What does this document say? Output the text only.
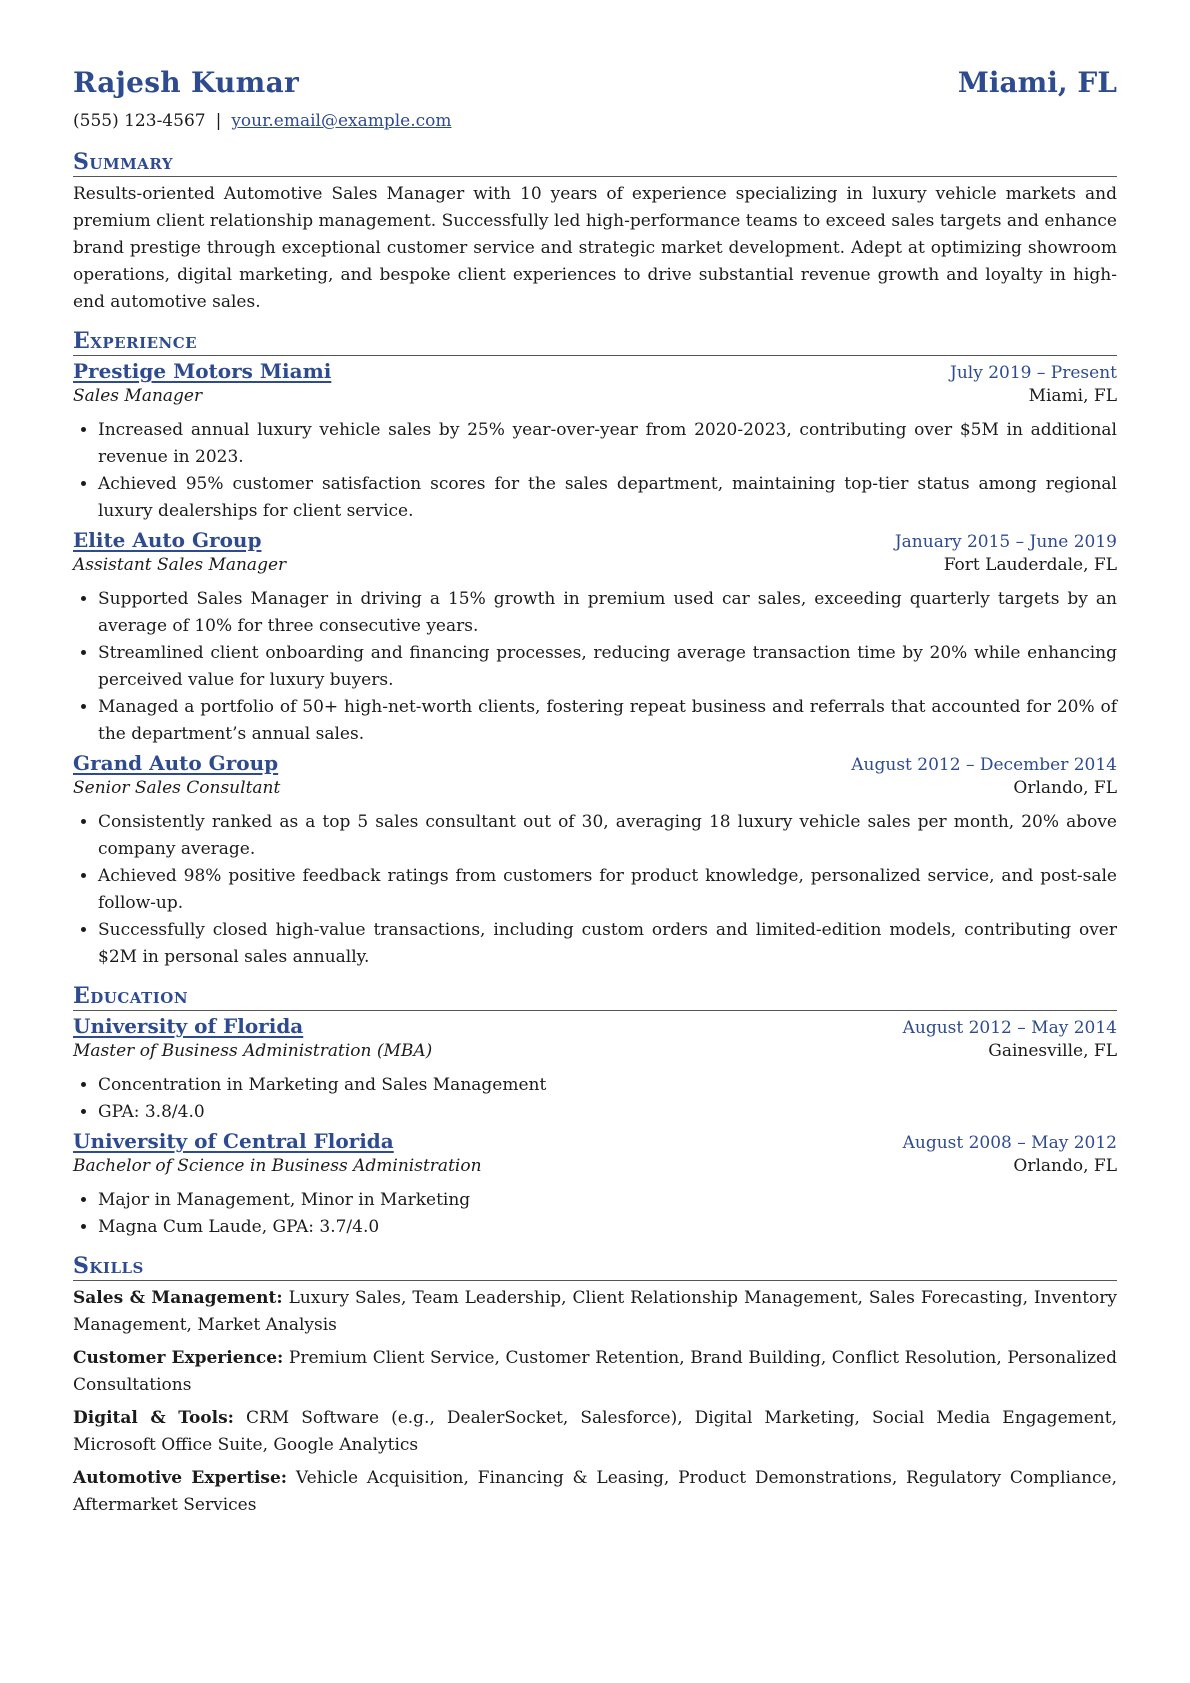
Rajesh Kumar	Miami, FL
(555) 123-4567 | your.email@example.com
Summary
Results-oriented Automotive Sales Manager with 10 years of experience specializing in luxury vehicle markets and premium client relationship management. Successfully led high-performance teams to exceed sales targets and enhance brand prestige through exceptional customer service and strategic market development. Adept at optimizing showroom operations, digital marketing, and bespoke client experiences to drive substantial revenue growth and loyalty in high-end automotive sales.
Experience
Prestige Motors Miami	July 2019 – Present
Sales Manager	Miami, FL
• Increased annual luxury vehicle sales by 25% year-over-year from 2020-2023, contributing over $5M in additional revenue in 2023.
• Achieved 95% customer satisfaction scores for the sales department, maintaining top-tier status among regional luxury dealerships for client service.
Elite Auto Group	January 2015 – June 2019
Assistant Sales Manager	Fort Lauderdale, FL
• Supported Sales Manager in driving a 15% growth in premium used car sales, exceeding quarterly targets by an average of 10% for three consecutive years.
• Streamlined client onboarding and financing processes, reducing average transaction time by 20% while enhancing perceived value for luxury buyers.
• Managed a portfolio of 50+ high-net-worth clients, fostering repeat business and referrals that accounted for 20% of the department’s annual sales.
Grand Auto Group	August 2012 – December 2014
Senior Sales Consultant	Orlando, FL
• Consistently ranked as a top 5 sales consultant out of 30, averaging 18 luxury vehicle sales per month, 20% above company average.
• Achieved 98% positive feedback ratings from customers for product knowledge, personalized service, and post-sale follow-up.
• Successfully closed high-value transactions, including custom orders and limited-edition models, contributing over $2M in personal sales annually.
Education
University of Florida	August 2012 – May 2014
Master of Business Administration (MBA)	Gainesville, FL
• Concentration in Marketing and Sales Management
• GPA: 3.8/4.0
University of Central Florida	August 2008 – May 2012
Bachelor of Science in Business Administration	Orlando, FL
• Major in Management, Minor in Marketing
• Magna Cum Laude, GPA: 3.7/4.0
Skills
Sales & Management: Luxury Sales, Team Leadership, Client Relationship Management, Sales Forecasting, Inventory Management, Market Analysis
Customer Experience: Premium Client Service, Customer Retention, Brand Building, Conflict Resolution, Personalized Consultations
Digital & Tools: CRM Software (e.g., DealerSocket, Salesforce), Digital Marketing, Social Media Engagement, Microsoft Office Suite, Google Analytics
Automotive Expertise: Vehicle Acquisition, Financing & Leasing, Product Demonstrations, Regulatory Compliance, Aftermarket Services
